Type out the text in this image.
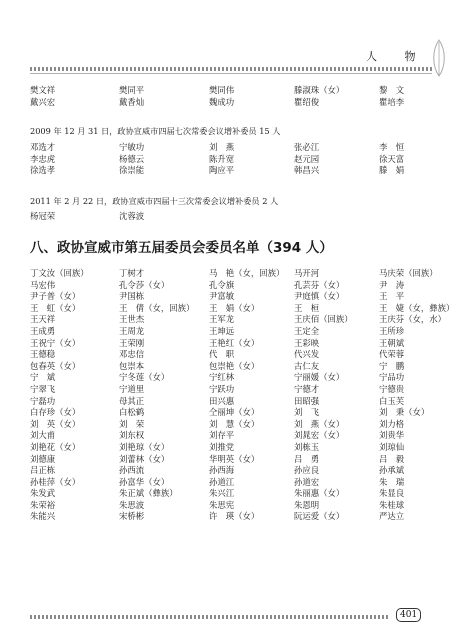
人 物
樊文祥	樊同平	樊同伟	滕淑珠（女）	黎　文
戴兴宏	戴香灿	魏成功	瞿绍俊	瞿培李
2009 年 12 月 31 日，政协宣威市四届七次常委会议增补委员 15 人
邓选才	宁敏功	刘　燕	张必江	李　恒
李忠虎	杨德云	陈升宽	赵元园	徐天富
徐选孝	徐崇能	陶应平	韩昌兴	滕　娟
2011 年 2 月 22 日，政协宣威市四届十三次常委会议增补委员 2 人
杨冠荣	沈蓉波
八、政协宣威市第五届委员会委员名单（394 人）
丁文汝（回族）	丁树才	马　艳（女，回族）	马开河	马庆荣（回族）
马宏伟	孔令莎（女）	孔令旗	孔芸芬（女）	尹　涛
尹子普（女）	尹国栋	尹富敏	尹庭慎（女）	王　平
王　虹（女）	王　倩（女，回族）	王　娟（女）	王　桓	王　婕（女，彝族）
王天祥	王世杰	王军龙	王庆佰（回族）	王庆芬（女，水）
王成勇	王周龙	王坤远	王定全	王所珍
王祝宁（女）	王荣刚	王艳红（女）	王彩映	王朝斌
王德稳	邓忠信	代　职	代兴发	代荣蓉
包春英（女）	包崇本	包崇艳（女）	古仁友	宁　鹏
宁　斌	宁冬莲（女）	宁红林	宁丽媛（女）	宁品功
宁翠飞	宁道里	宁跃功	宁德才	宁德贵
宁磊功	母其正	田兴惠	田昭强	白玉芙
白存珍（女）	白松鹤	仝丽坤（女）	刘　飞	刘　秉（女）
刘　英（女）	刘　荣	刘　慧（女）	刘　燕（女）	刘力格
刘大甫	刘东权	刘存平	刘晁宏（女）	刘贵华
刘艳花（女）	刘艳琼（女）	刘推党	刘栋玉	刘琼仙
刘德康	刘蕾林（女）	华明英（女）	吕　勇	吕　毅
吕正栋	孙西流	孙西海	孙应良	孙承斌
孙桂萍（女）	孙富华（女）	孙道江	孙道宏	朱　瑞
朱发武	朱正斌（彝族）	朱兴江	朱丽惠（女）	朱显良
朱荣裕	朱思波	朱思宪	朱恩明	朱桂球
朱能兴	宋桥彬	许　瑛（女）	阮运爱（女）	严达立
401
